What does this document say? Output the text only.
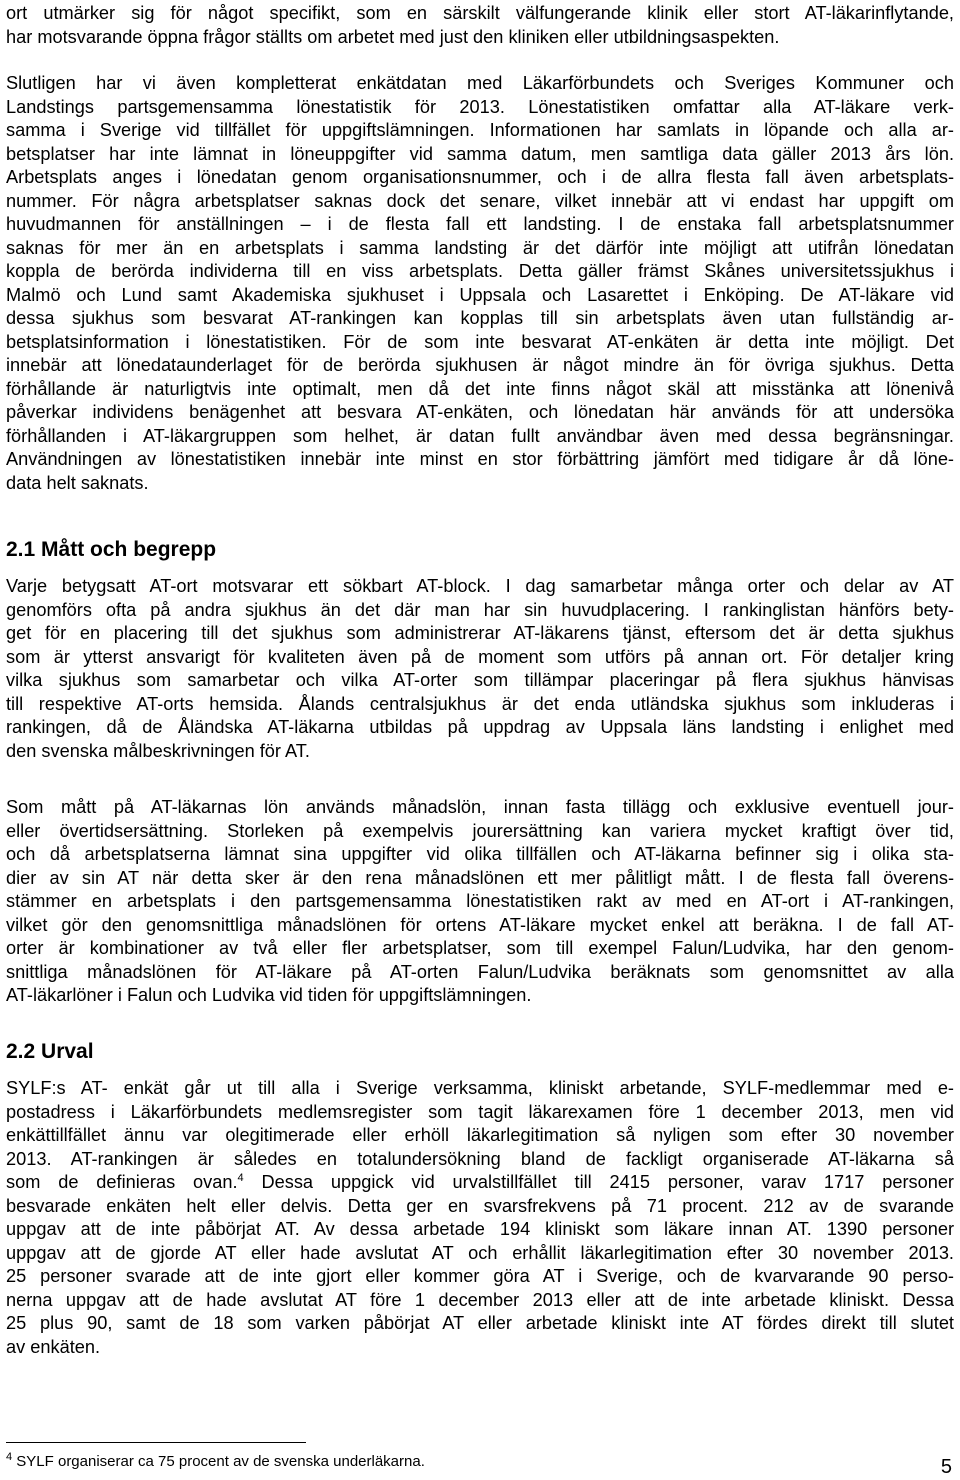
ort utmärker sig för något specifikt, som en särskilt välfungerande klinik eller stort AT-läkarinflytande,
har motsvarande öppna frågor ställts om arbetet med just den kliniken eller utbildningsaspekten.
Slutligen har vi även kompletterat enkätdatan med Läkarförbundets och Sveriges Kommuner och
Landstings partsgemensamma lönestatistik för 2013. Lönestatistiken omfattar alla AT-läkare verk-
samma i Sverige vid tillfället för uppgiftslämningen. Informationen har samlats in löpande och alla ar-
betsplatser har inte lämnat in löneuppgifter vid samma datum, men samtliga data gäller 2013 års lön.
Arbetsplats anges i lönedatan genom organisationsnummer, och i de allra flesta fall även arbetsplats-
nummer. För några arbetsplatser saknas dock det senare, vilket innebär att vi endast har uppgift om
huvudmannen för anställningen – i de flesta fall ett landsting. I de enstaka fall arbetsplatsnummer
saknas för mer än en arbetsplats i samma landsting är det därför inte möjligt att utifrån lönedatan
koppla de berörda individerna till en viss arbetsplats. Detta gäller främst Skånes universitetssjukhus i
Malmö och Lund samt Akademiska sjukhuset i Uppsala och Lasarettet i Enköping. De AT-läkare vid
dessa sjukhus som besvarat AT-rankingen kan kopplas till sin arbetsplats även utan fullständig ar-
betsplatsinformation i lönestatistiken. För de som inte besvarat AT-enkäten är detta inte möjligt. Det
innebär att lönedataunderlaget för de berörda sjukhusen är något mindre än för övriga sjukhus. Detta
förhållande är naturligtvis inte optimalt, men då det inte finns något skäl att misstänka att lönenivå
påverkar individens benägenhet att besvara AT-enkäten, och lönedatan här används för att undersöka
förhållanden i AT-läkargruppen som helhet, är datan fullt användbar även med dessa begränsningar.
Användningen av lönestatistiken innebär inte minst en stor förbättring jämfört med tidigare år då löne-
data helt saknats.
2.1 Mått och begrepp
Varje betygsatt AT-ort motsvarar ett sökbart AT-block. I dag samarbetar många orter och delar av AT
genomförs ofta på andra sjukhus än det där man har sin huvudplacering. I rankinglistan hänförs bety-
get för en placering till det sjukhus som administrerar AT-läkarens tjänst, eftersom det är detta sjukhus
som är ytterst ansvarigt för kvaliteten även på de moment som utförs på annan ort. För detaljer kring
vilka sjukhus som samarbetar och vilka AT-orter som tillämpar placeringar på flera sjukhus hänvisas
till respektive AT-orts hemsida. Ålands centralsjukhus är det enda utländska sjukhus som inkluderas i
rankingen, då de Åländska AT-läkarna utbildas på uppdrag av Uppsala läns landsting i enlighet med
den svenska målbeskrivningen för AT.
Som mått på AT-läkarnas lön används månadslön, innan fasta tillägg och exklusive eventuell jour-
eller övertidsersättning. Storleken på exempelvis jourersättning kan variera mycket kraftigt över tid,
och då arbetsplatserna lämnat sina uppgifter vid olika tillfällen och AT-läkarna befinner sig i olika sta-
dier av sin AT när detta sker är den rena månadslönen ett mer pålitligt mått. I de flesta fall överens-
stämmer en arbetsplats i den partsgemensamma lönestatistiken rakt av med en AT-ort i AT-rankingen,
vilket gör den genomsnittliga månadslönen för ortens AT-läkare mycket enkel att beräkna. I de fall AT-
orter är kombinationer av två eller fler arbetsplatser, som till exempel Falun/Ludvika, har den genom-
snittliga månadslönen för AT-läkare på AT-orten Falun/Ludvika beräknats som genomsnittet av alla
AT-läkarlöner i Falun och Ludvika vid tiden för uppgiftslämningen.
2.2 Urval
SYLF:s AT- enkät går ut till alla i Sverige verksamma, kliniskt arbetande, SYLF-medlemmar med e-
postadress i Läkarförbundets medlemsregister som tagit läkarexamen före 1 december 2013, men vid
enkättillfället ännu var olegitimerade eller erhöll läkarlegitimation så nyligen som efter 30 november
2013. AT-rankingen är således en totalundersökning bland de fackligt organiserade AT-läkarna så
som de definieras ovan.$^4$ Dessa uppgick vid urvalstillfället till 2415 personer, varav 1717 personer
besvarade enkäten helt eller delvis. Detta ger en svarsfrekvens på 71 procent. 212 av de svarande
uppgav att de inte påbörjat AT. Av dessa arbetade 194 kliniskt som läkare innan AT. 1390 personer
uppgav att de gjorde AT eller hade avslutat AT och erhållit läkarlegitimation efter 30 november 2013.
25 personer svarade att de inte gjort eller kommer göra AT i Sverige, och de kvarvarande 90 perso-
nerna uppgav att de hade avslutat AT före 1 december 2013 eller att de inte arbetade kliniskt. Dessa
25 plus 90, samt de 18 som varken påbörjat AT eller arbetade kliniskt inte AT fördes direkt till slutet
av enkäten.
$^4$ SYLF organiserar ca 75 procent av de svenska underläkarna.	5
